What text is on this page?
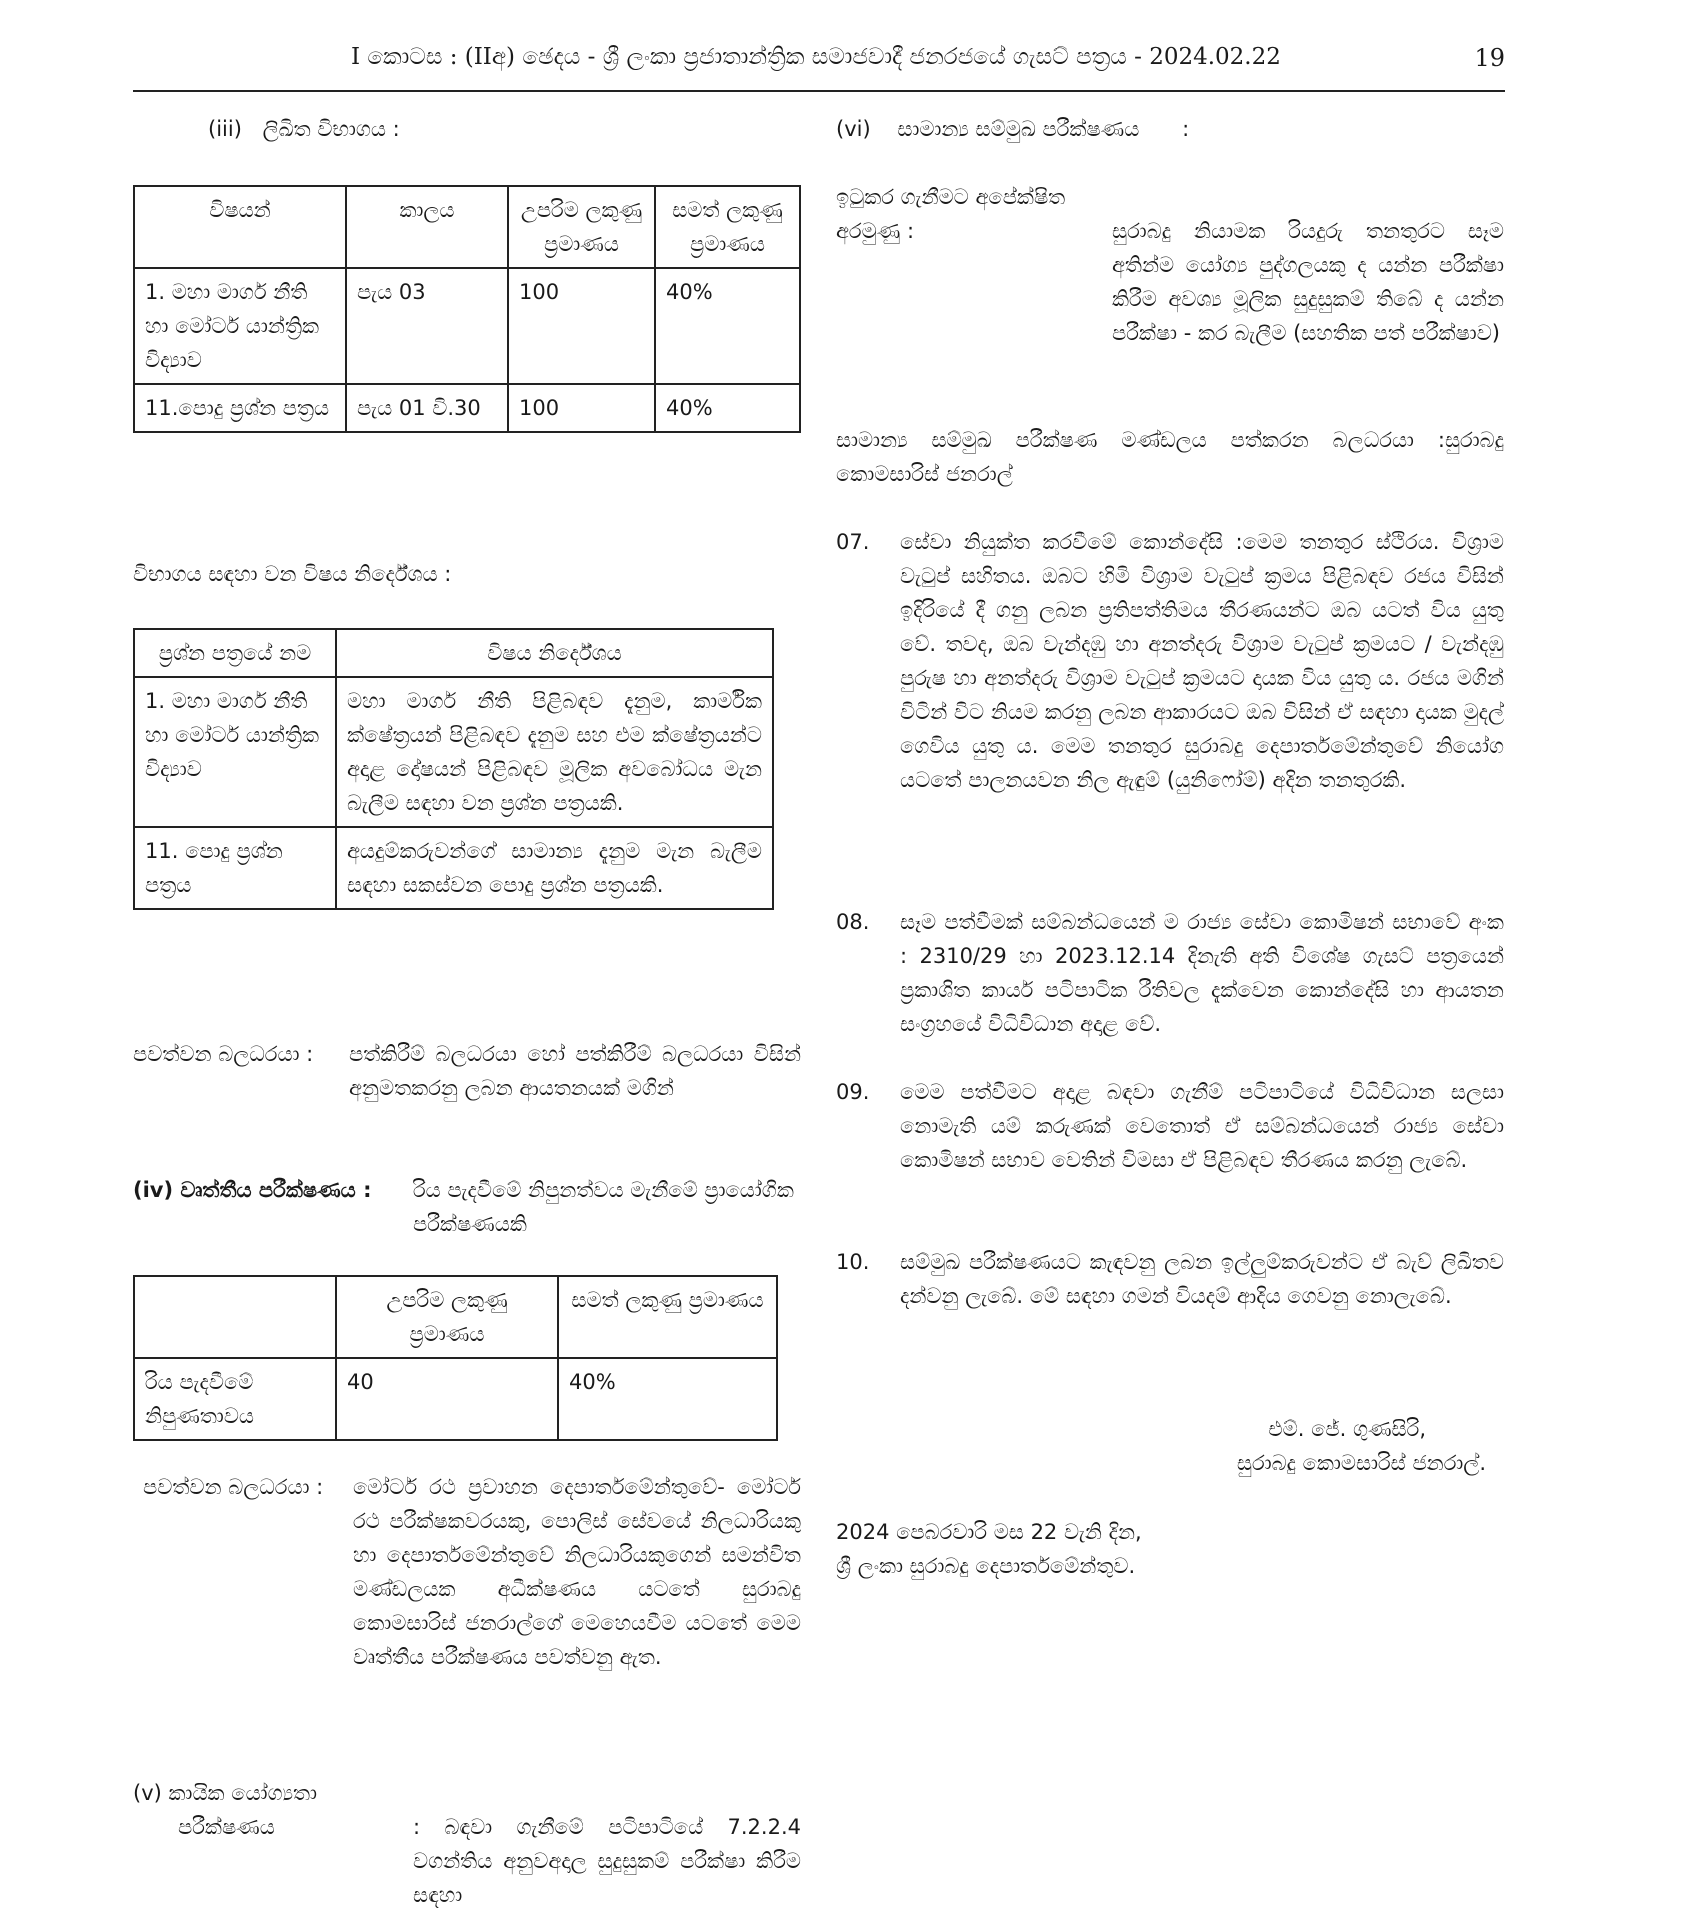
I කොටස : (IIඅ) ඡෙදය - ශ්‍රී ලංකා ප්‍රජාතාන්ත්‍රික සමාජවාදී ජනරජයේ ගැසට් පත්‍රය - 2024.02.22	19
(iii) ලිඛිත විභාගය :
විෂයන්	කාලය	උපරිම ලකුණු ප්‍රමාණය	සමත් ලකුණු ප්‍රමාණය
1. මහා මාර්ග නීති හා මෝටර් යාන්ත්‍රික විද්‍යාව	පැය 03	100	40%
11.පොදු ප්‍රශ්න පත්‍රය	පැය 01 වි.30	100	40%
විභාගය සඳහා වන විෂය නිර්දේශය :
ප්‍රශ්න පත්‍රයේ නම	විෂය නිර්දේශය
1. මහා මාර්ග නීති හා මෝටර් යාන්ත්‍රික විද්‍යාව	මහා මාර්ග නීති පිළිබඳව දැනුම, කාර්මික ක්ෂේත්‍රයන් පිළිබඳව දැනුම සහ එම ක්ෂේත්‍රයන්ට අදාළ දෝෂයන් පිළිබඳව මූලික අවබෝධය මැන බැලීම සඳහා වන ප්‍රශ්න පත්‍රයකි.
11. පොදු ප්‍රශ්න පත්‍රය	අයදුම්කරුවන්ගේ සාමාන්‍ය දැනුම මැන බැලීම සඳහා සකස්වන පොදු ප්‍රශ්න පත්‍රයකි.
පවත්වන බලධරයා : පත්කිරීම් බලධරයා හෝ පත්කිරීම් බලධරයා විසින් අනුමතකරනු ලබන ආයතනයක් මගින්
(iv) වෘත්තීය පරීක්ෂණය : රිය පැදවීමේ නිපුනත්වය මැනීමේ ප්‍රායෝගික පරීක්ෂණයකි
	උපරිම ලකුණු ප්‍රමාණය	සමත් ලකුණු ප්‍රමාණය
රිය පැදවීමේ නිපුණතාවය	40	40%
පවත්වන බලධරයා : මෝටර් රථ ප්‍රවාහන දෙපාර්තමේන්තුවේ- මෝටර් රථ පරීක්ෂකවරයකු, පොලිස් සේවයේ නිලධාරියකු හා දෙපාර්තමේන්තුවේ නිලධාරියකුගෙන් සමන්විත මණ්ඩලයක අධීක්ෂණය යටතේ සුරාබදු කොමසාරිස් ජනරාල්ගේ මෙහෙයවීම යටතේ මෙම වෘත්තීය පරීක්ෂණය පවත්වනු ඇත.
(v) කායික යෝග්‍යතා
පරීක්ෂණය	: බඳවා ගැනීමේ පටිපාටියේ 7.2.2.4 වගන්තිය අනුවඅදාල සුදුසුකම් පරීක්ෂා කිරීම සඳහා
(vi) සාමාන්‍ය සම්මුඛ පරීක්ෂණය :
ඉටුකර ගැනීමට අපේක්ෂිත
අරමුණු :	සුරාබදු නියාමක රියදුරු තනතුරට සෑම අතින්ම යෝග්‍ය පුද්ගලයකු ද යන්න පරීක්ෂා කිරීම අවශ්‍ය මූලික සුදුසුකම් තිබේ ද යන්න පරීක්ෂා - කර බැලීම (සහතික පත් පරීක්ෂාව)
සාමාන්‍ය සම්මුඛ පරීක්ෂණ මණ්ඩලය පත්කරන බලධරයා :සුරාබදු කොමසාරිස් ජනරාල්
07. සේවා නියුක්ත කරවීමේ කොන්දේසි :මෙම තනතුර ස්ථිරය. විශ්‍රාම වැටුප් සහිතය. ඔබට හිමි විශ්‍රාම වැටුප් ක්‍රමය පිළිබඳව රජය විසින් ඉදිරියේ දී ගනු ලබන ප්‍රතිපත්තිමය තීරණයන්ට ඔබ යටත් විය යුතු වේ. තවද, ඔබ වැන්දඹු හා අනත්දරු විශ්‍රාම වැටුප් ක්‍රමයට / වැන්දඹු පුරුෂ හා අනත්දරු විශ්‍රාම වැටුප් ක්‍රමයට දායක විය යුතු ය. රජය මගින් විටින් විට නියම කරනු ලබන ආකාරයට ඔබ විසින් ඒ සඳහා දායක මුදල් ගෙවිය යුතු ය. මෙම තනතුර සුරාබදු දෙපාර්තමේන්තුවේ නියෝග යටතේ පාලනයවන නිල ඇඳුම් (යුනිෆෝම්) අදින තනතුරකි.
08. සෑම පත්වීමක් සම්බන්ධයෙන් ම රාජ්‍ය සේවා කොමිෂන් සභාවේ අංක : 2310/29 හා 2023.12.14 දිනැති අති විශේෂ ගැසට් පත්‍රයෙන් ප්‍රකාශිත කාර්ය පටිපාටික රීතිවල දැක්වෙන කොන්දේසි හා ආයතන සංග්‍රහයේ විධිවිධාන අදාළ වේ.
09. මෙම පත්වීමට අදාළ බඳවා ගැනීම් පටිපාටියේ විධිවිධාන සලසා නොමැති යම් කරුණක් වෙතොත් ඒ සම්බන්ධයෙන් රාජ්‍ය සේවා කොමිෂන් සභාව වෙතින් විමසා ඒ පිළිබඳව තීරණය කරනු ලැබේ.
10. සම්මුඛ පරීක්ෂණයට කැඳවනු ලබන ඉල්ලුම්කරුවන්ට ඒ බැව් ලිඛිතව දන්වනු ලැබේ. මේ සඳහා ගමන් වියදම් ආදිය ගෙවනු නොලැබේ.
එම්. ජේ. ගුණසිරි,
සුරාබදු කොමසාරිස් ජනරාල්.
2024 පෙබරවාරි මස 22 වැනි දින,
ශ්‍රී ලංකා සුරාබදු දෙපාර්තමේන්තුව.
